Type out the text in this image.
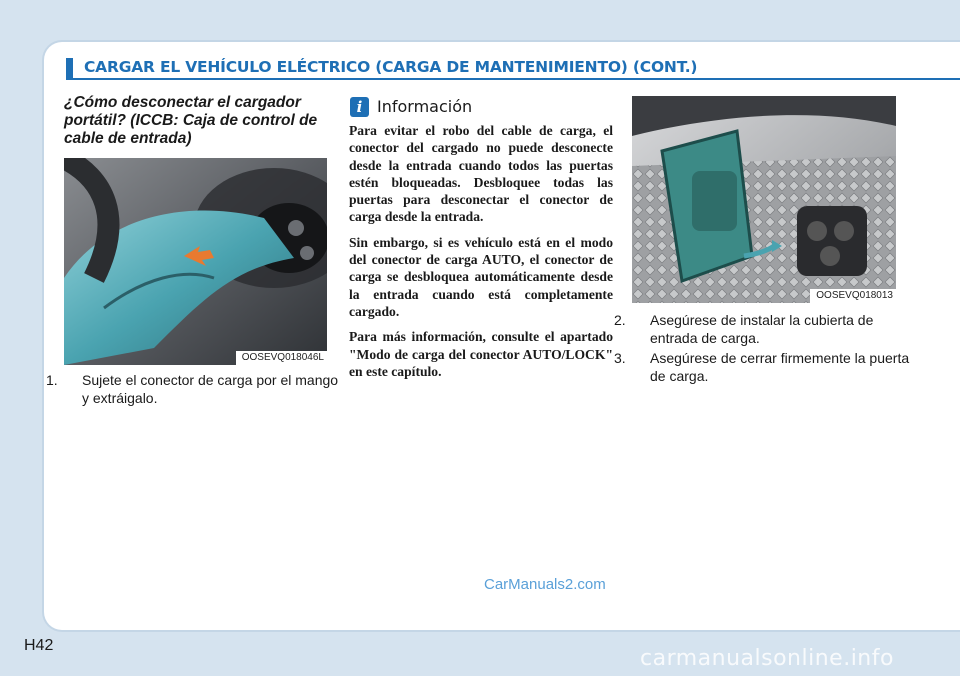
CARGAR EL VEHÍCULO ELÉCTRICO (CARGA DE MANTENIMIENTO) (CONT.)
¿Cómo desconectar el cargador portátil? (ICCB: Caja de control de cable de entrada)
OOSEVQ018046L
1. Sujete el conector de carga por el mango y extráigalo.
i Información

Para evitar el robo del cable de carga, el conector del cargado no puede desconecte desde la entrada cuando todos las puertas estén bloqueadas. Desbloquee todas las puertas para desconectar el conector de carga desde la entrada.

Sin embargo, si es vehículo está en el modo del conector de carga AUTO, el conector de carga se desbloquea automáticamente desde la entrada cuando está completamente cargado.

Para más información, consulte el apartado "Modo de carga del conector AUTO/LOCK" en este capítulo.

OOSEVQ018013
2. Asegúrese de instalar la cubierta de entrada de carga.
3. Asegúrese de cerrar firmemente la puerta de carga.
CarManuals2.com
H42
carmanualsonline.info
